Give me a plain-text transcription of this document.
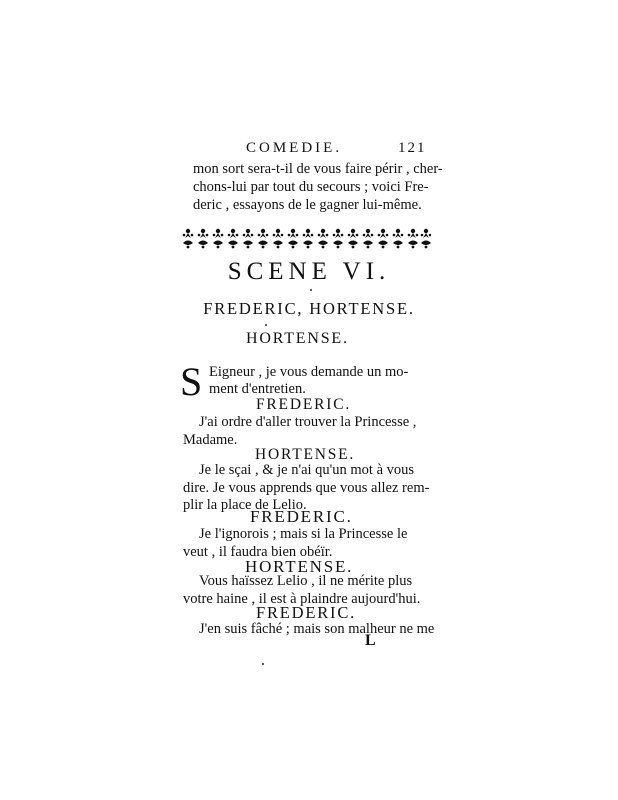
COMEDIE.	121
mon sort sera-t-il de vous faire périr , cher-
chons-lui par tout du secours ; voici Fre-
deric , essayons de le gagner lui-même.
SCENE VI.
FREDERIC, HORTENSE.
HORTENSE.
S Eigneur , je vous demande un mo-
ment d'entretien.
FREDERIC.
J'ai ordre d'aller trouver la Princesse ,
Madame.
HORTENSE.
Je le sçai , & je n'ai qu'un mot à vous
dire. Je vous apprends que vous allez rem-
plir la place de Lelio.
FREDERIC.
Je l'ignorois ; mais si la Princesse le
veut , il faudra bien obéïr.
HORTENSE.
Vous haïssez Lelio , il ne mérite plus
votre haine , il est à plaindre aujourd'hui.
FREDERIC.
J'en suis fâché ; mais son malheur ne me
L
